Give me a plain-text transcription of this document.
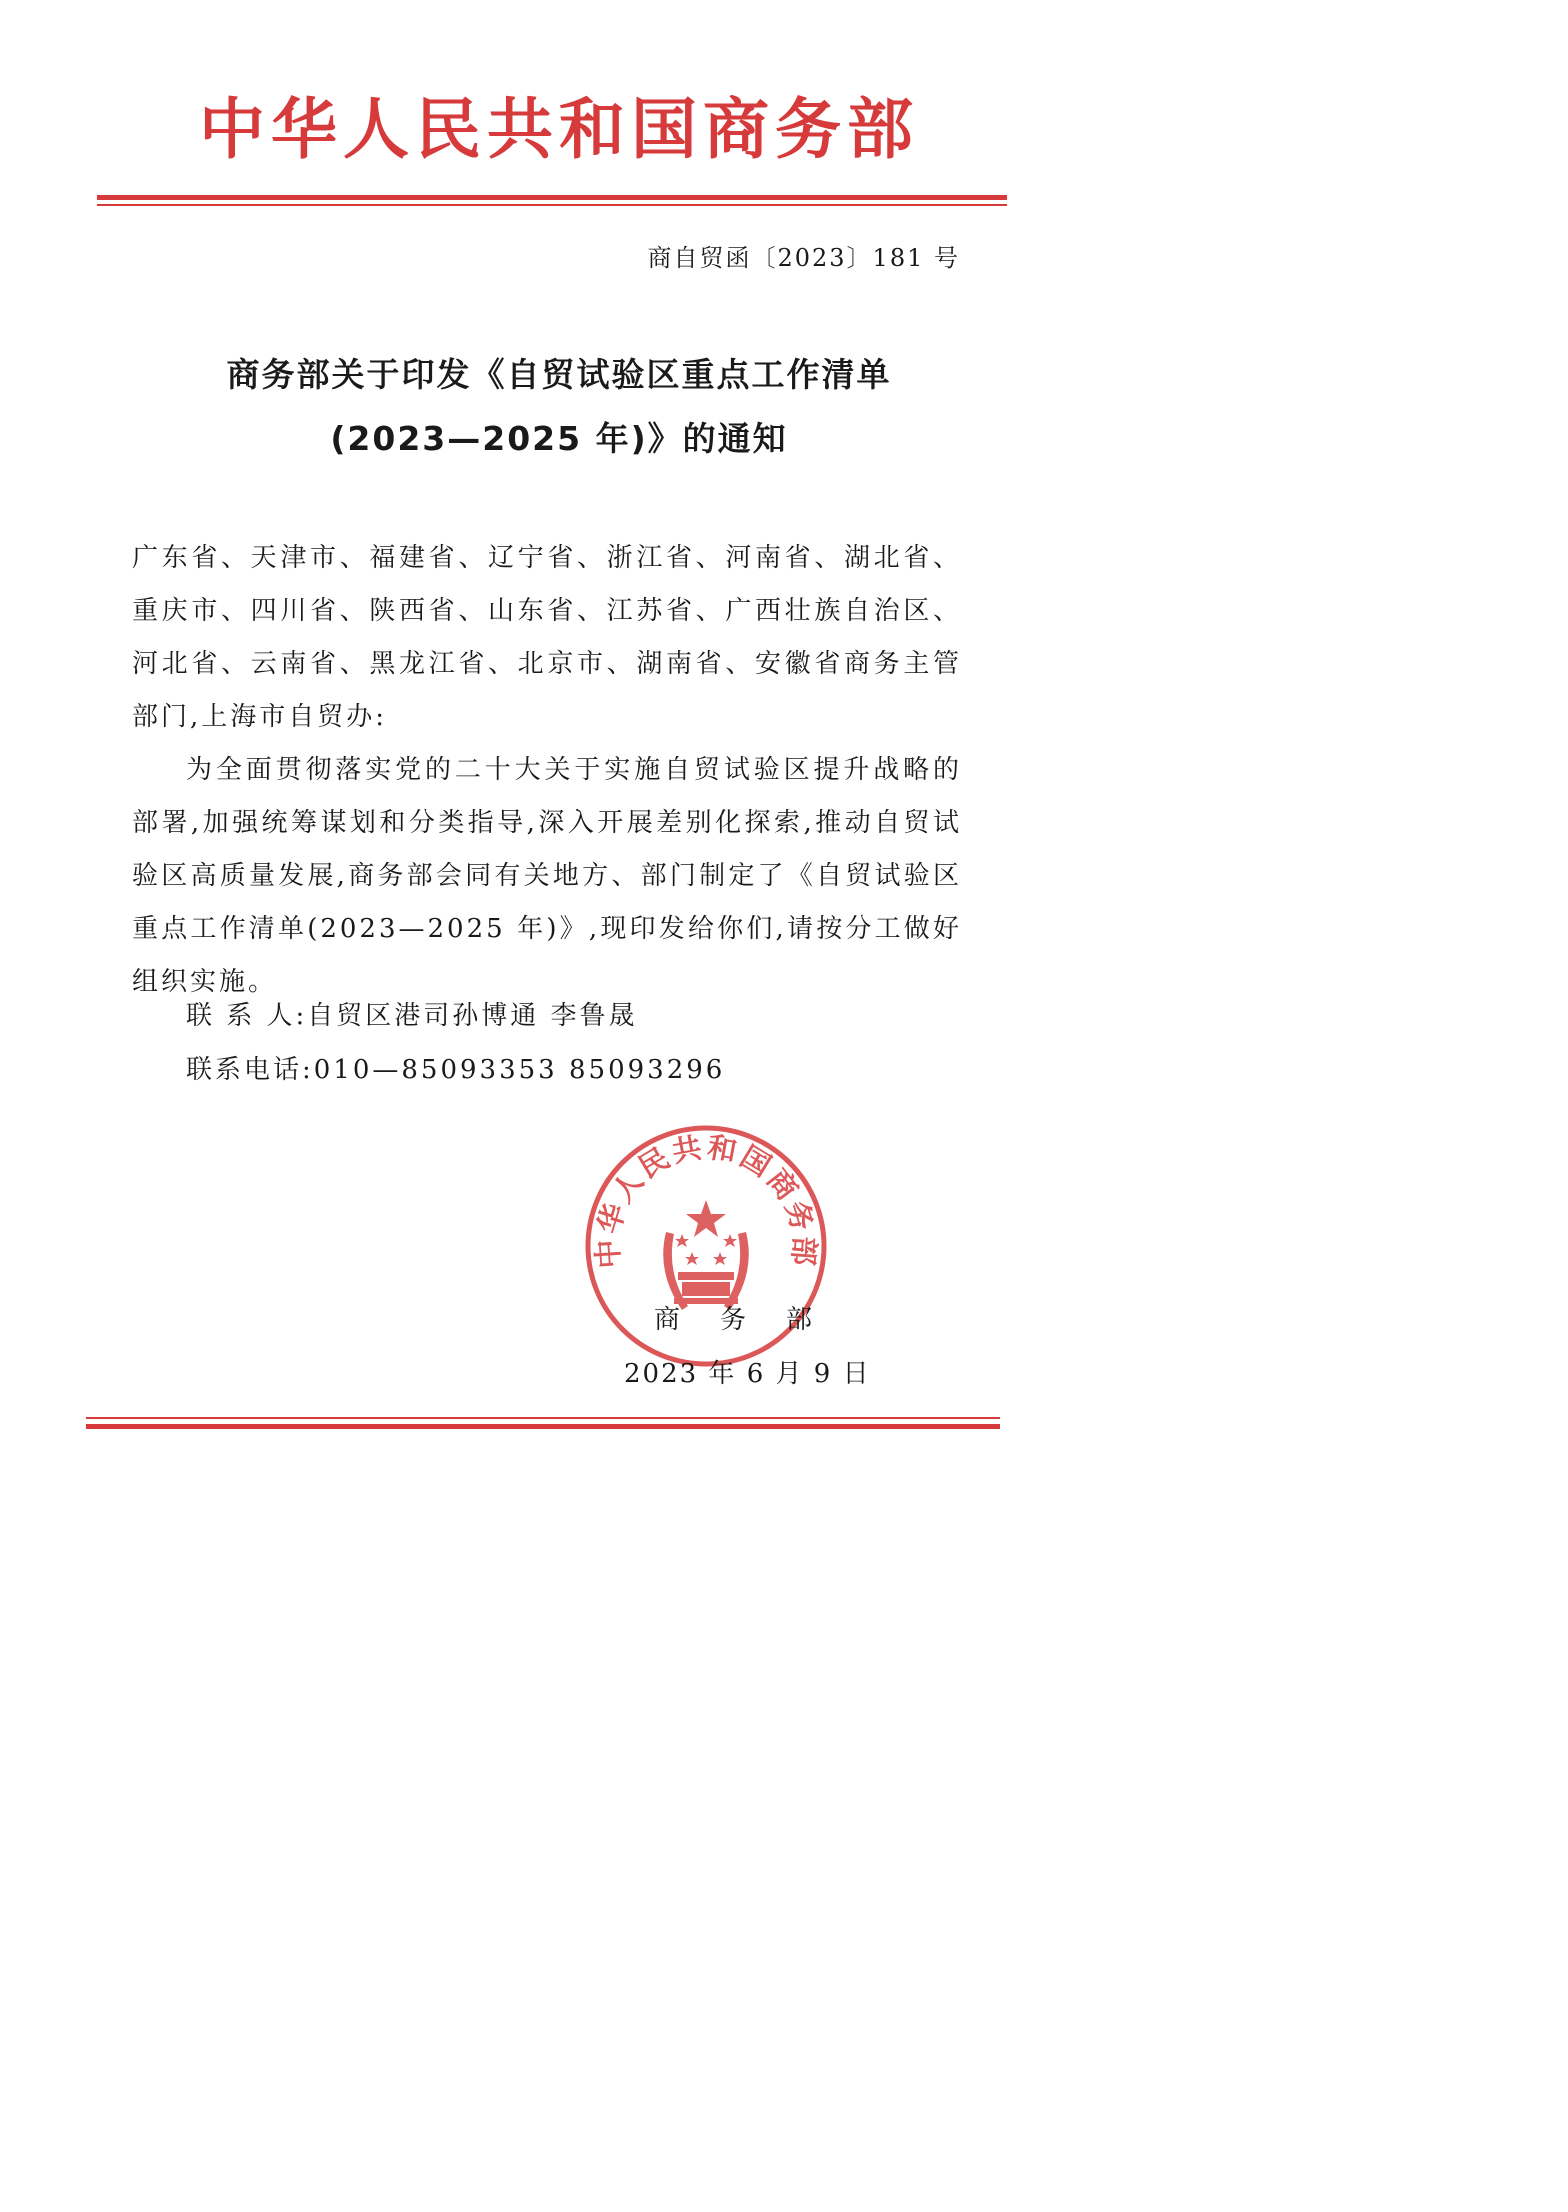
中华人民共和国商务部
商自贸函〔2023〕181 号
商务部关于印发《自贸试验区重点工作清单
(2023—2025 年)》的通知
广东省、天津市、福建省、辽宁省、浙江省、河南省、湖北省、重庆市、四川省、陕西省、山东省、江苏省、广西壮族自治区、河北省、云南省、黑龙江省、北京市、湖南省、安徽省商务主管部门,上海市自贸办:
为全面贯彻落实党的二十大关于实施自贸试验区提升战略的部署,加强统筹谋划和分类指导,深入开展差别化探索,推动自贸试验区高质量发展,商务部会同有关地方、部门制定了《自贸试验区重点工作清单(2023—2025 年)》,现印发给你们,请按分工做好组织实施。
联 系 人:自贸区港司孙博通 李鲁晟
联系电话:010—85093353 85093296
中华人民共和国商务部
商务部
2023 年 6 月 9 日
